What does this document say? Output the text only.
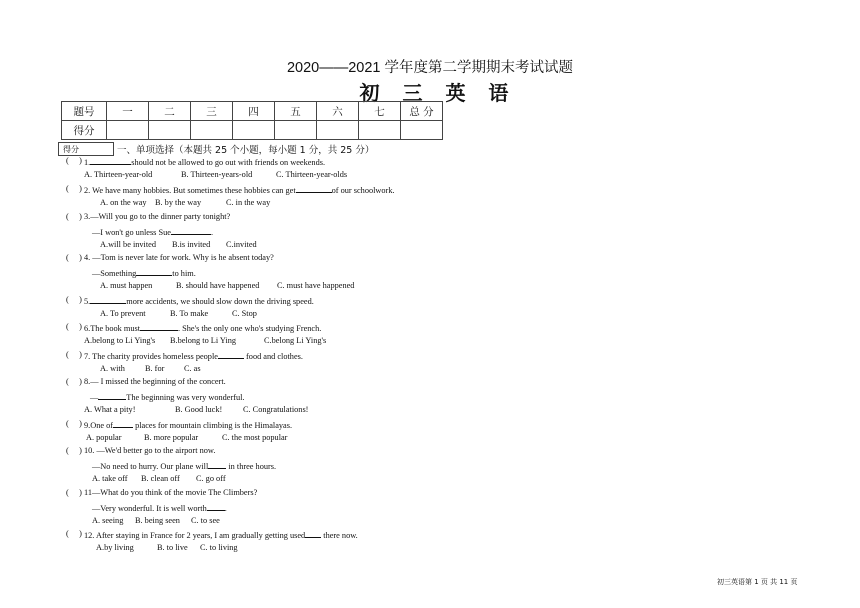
2020——2021 学年度第二学期期末考试试题
初 三 英 语
题号	一	二	三	四	五	六	七	总 分
得分								
得分	一、单项选择（本题共 25 个小题，每小题 1 分，共 25 分）
(     ) 1.	should not be allowed to go out with friends on weekends.
A. Thirteen-year-old	B. Thirteen-years-old	C. Thirteen-year-olds
(     ) 2. We have many hobbies. But sometimes these hobbies can get	of our schoolwork.
A. on the way B. by the way	C. in the way
(     ) 3.—Will you go to the dinner party tonight?
—I won't go unless Sue	.
A.will be invited B.is invited C.invited
(     ) 4. —Tom is never late for work. Why is he absent today?
—Something	to him.
A. must happen	B. should have happened C. must have happened
(     ) 5.	more accidents, we should slow down the driving speed.
A. To prevent	B. To make	C. Stop
(     ) 6.The book must	. She's the only one who's studying French.
A.belong to Li Ying's B.belong to Li Ying	C.belong Li Ying's
(     ) 7. The charity provides homeless people	food and clothes.
A. with B. for C. as
(     ) 8.— I missed the beginning of the concert.
—	The beginning was very wonderful.
A. What a pity!	B. Good luck!	C. Congratulations!
(     ) 9.One of places for mountain climbing is the Himalayas.
A. popular	B. more popular	C. the most popular
(     ) 10. —We'd better go to the airport now.
—No need to hurry. Our plane will in three hours.
A. take off B. clean off C. go off
(     ) 11—What do you think of the movie The Climbers?
—Very wonderful. It is well worth .
A. seeing B. being seen C. to see
(     ) 12. After staying in France for 2 years, I am gradually getting used there now.
A.by living	B. to live C. to living
初三英语第 1 页 共 11 页
